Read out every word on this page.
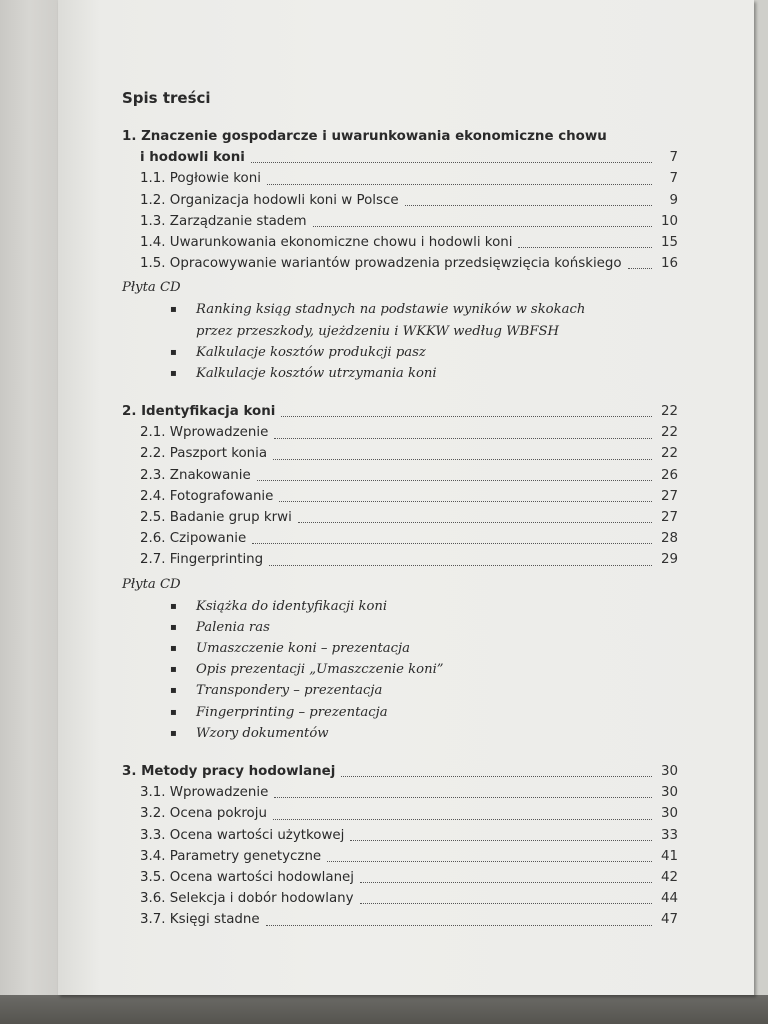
Spis treści
1. Znaczenie gospodarcze i uwarunkowania ekonomiczne chowu
i hodowli koni	7
1.1. Pogłowie koni	7
1.2. Organizacja hodowli koni w Polsce	9
1.3. Zarządzanie stadem	10
1.4. Uwarunkowania ekonomiczne chowu i hodowli koni	15
1.5. Opracowywanie wariantów prowadzenia przedsięwzięcia końskiego	16
Płyta CD
▪ Ranking ksiąg stadnych na podstawie wyników w skokach
przez przeszkody, ujeżdzeniu i WKKW według WBFSH
▪ Kalkulacje kosztów produkcji pasz
▪ Kalkulacje kosztów utrzymania koni
2. Identyfikacja koni	22
2.1. Wprowadzenie	22
2.2. Paszport konia	22
2.3. Znakowanie	26
2.4. Fotografowanie	27
2.5. Badanie grup krwi	27
2.6. Czipowanie	28
2.7. Fingerprinting	29
Płyta CD
▪ Książka do identyfikacji koni
▪ Palenia ras
▪ Umaszczenie koni – prezentacja
▪ Opis prezentacji „Umaszczenie koni”
▪ Transpondery – prezentacja
▪ Fingerprinting – prezentacja
▪ Wzory dokumentów
3. Metody pracy hodowlanej	30
3.1. Wprowadzenie	30
3.2. Ocena pokroju	30
3.3. Ocena wartości użytkowej	33
3.4. Parametry genetyczne	41
3.5. Ocena wartości hodowlanej	42
3.6. Selekcja i dobór hodowlany	44
3.7. Księgi stadne	47
